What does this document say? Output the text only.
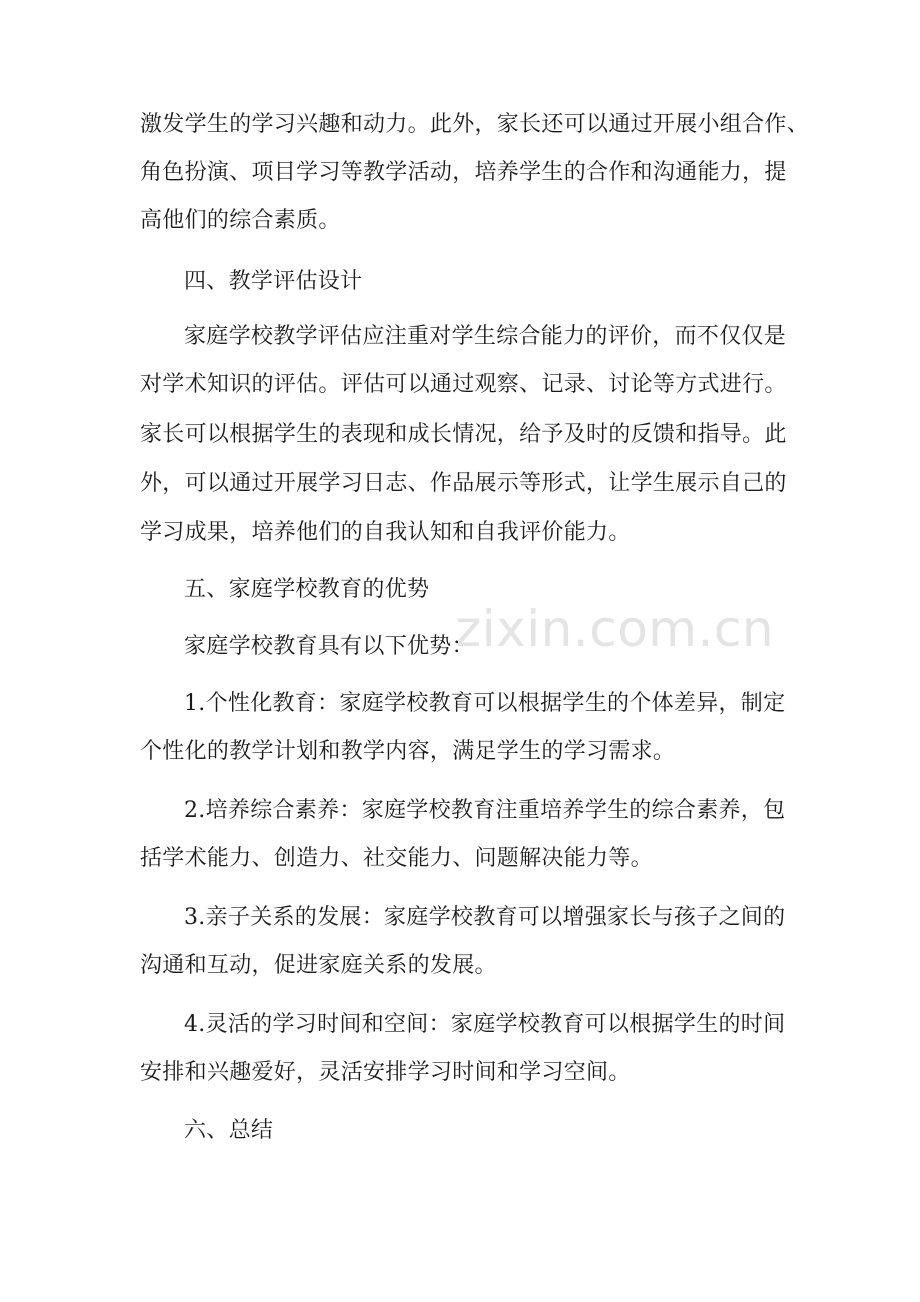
zixin.com.cn
激发学生的学习兴趣和动力。此外，家长还可以通过开展小组合作、
角色扮演、项目学习等教学活动，培养学生的合作和沟通能力，提
高他们的综合素质。
四、教学评估设计
家庭学校教学评估应注重对学生综合能力的评价，而不仅仅是
对学术知识的评估。评估可以通过观察、记录、讨论等方式进行。
家长可以根据学生的表现和成长情况，给予及时的反馈和指导。此
外，可以通过开展学习日志、作品展示等形式，让学生展示自己的
学习成果，培养他们的自我认知和自我评价能力。
五、家庭学校教育的优势
家庭学校教育具有以下优势：
1.个性化教育：家庭学校教育可以根据学生的个体差异，制定
个性化的教学计划和教学内容，满足学生的学习需求。
2.培养综合素养：家庭学校教育注重培养学生的综合素养，包
括学术能力、创造力、社交能力、问题解决能力等。
3.亲子关系的发展：家庭学校教育可以增强家长与孩子之间的
沟通和互动，促进家庭关系的发展。
4.灵活的学习时间和空间：家庭学校教育可以根据学生的时间
安排和兴趣爱好，灵活安排学习时间和学习空间。
六、总结
